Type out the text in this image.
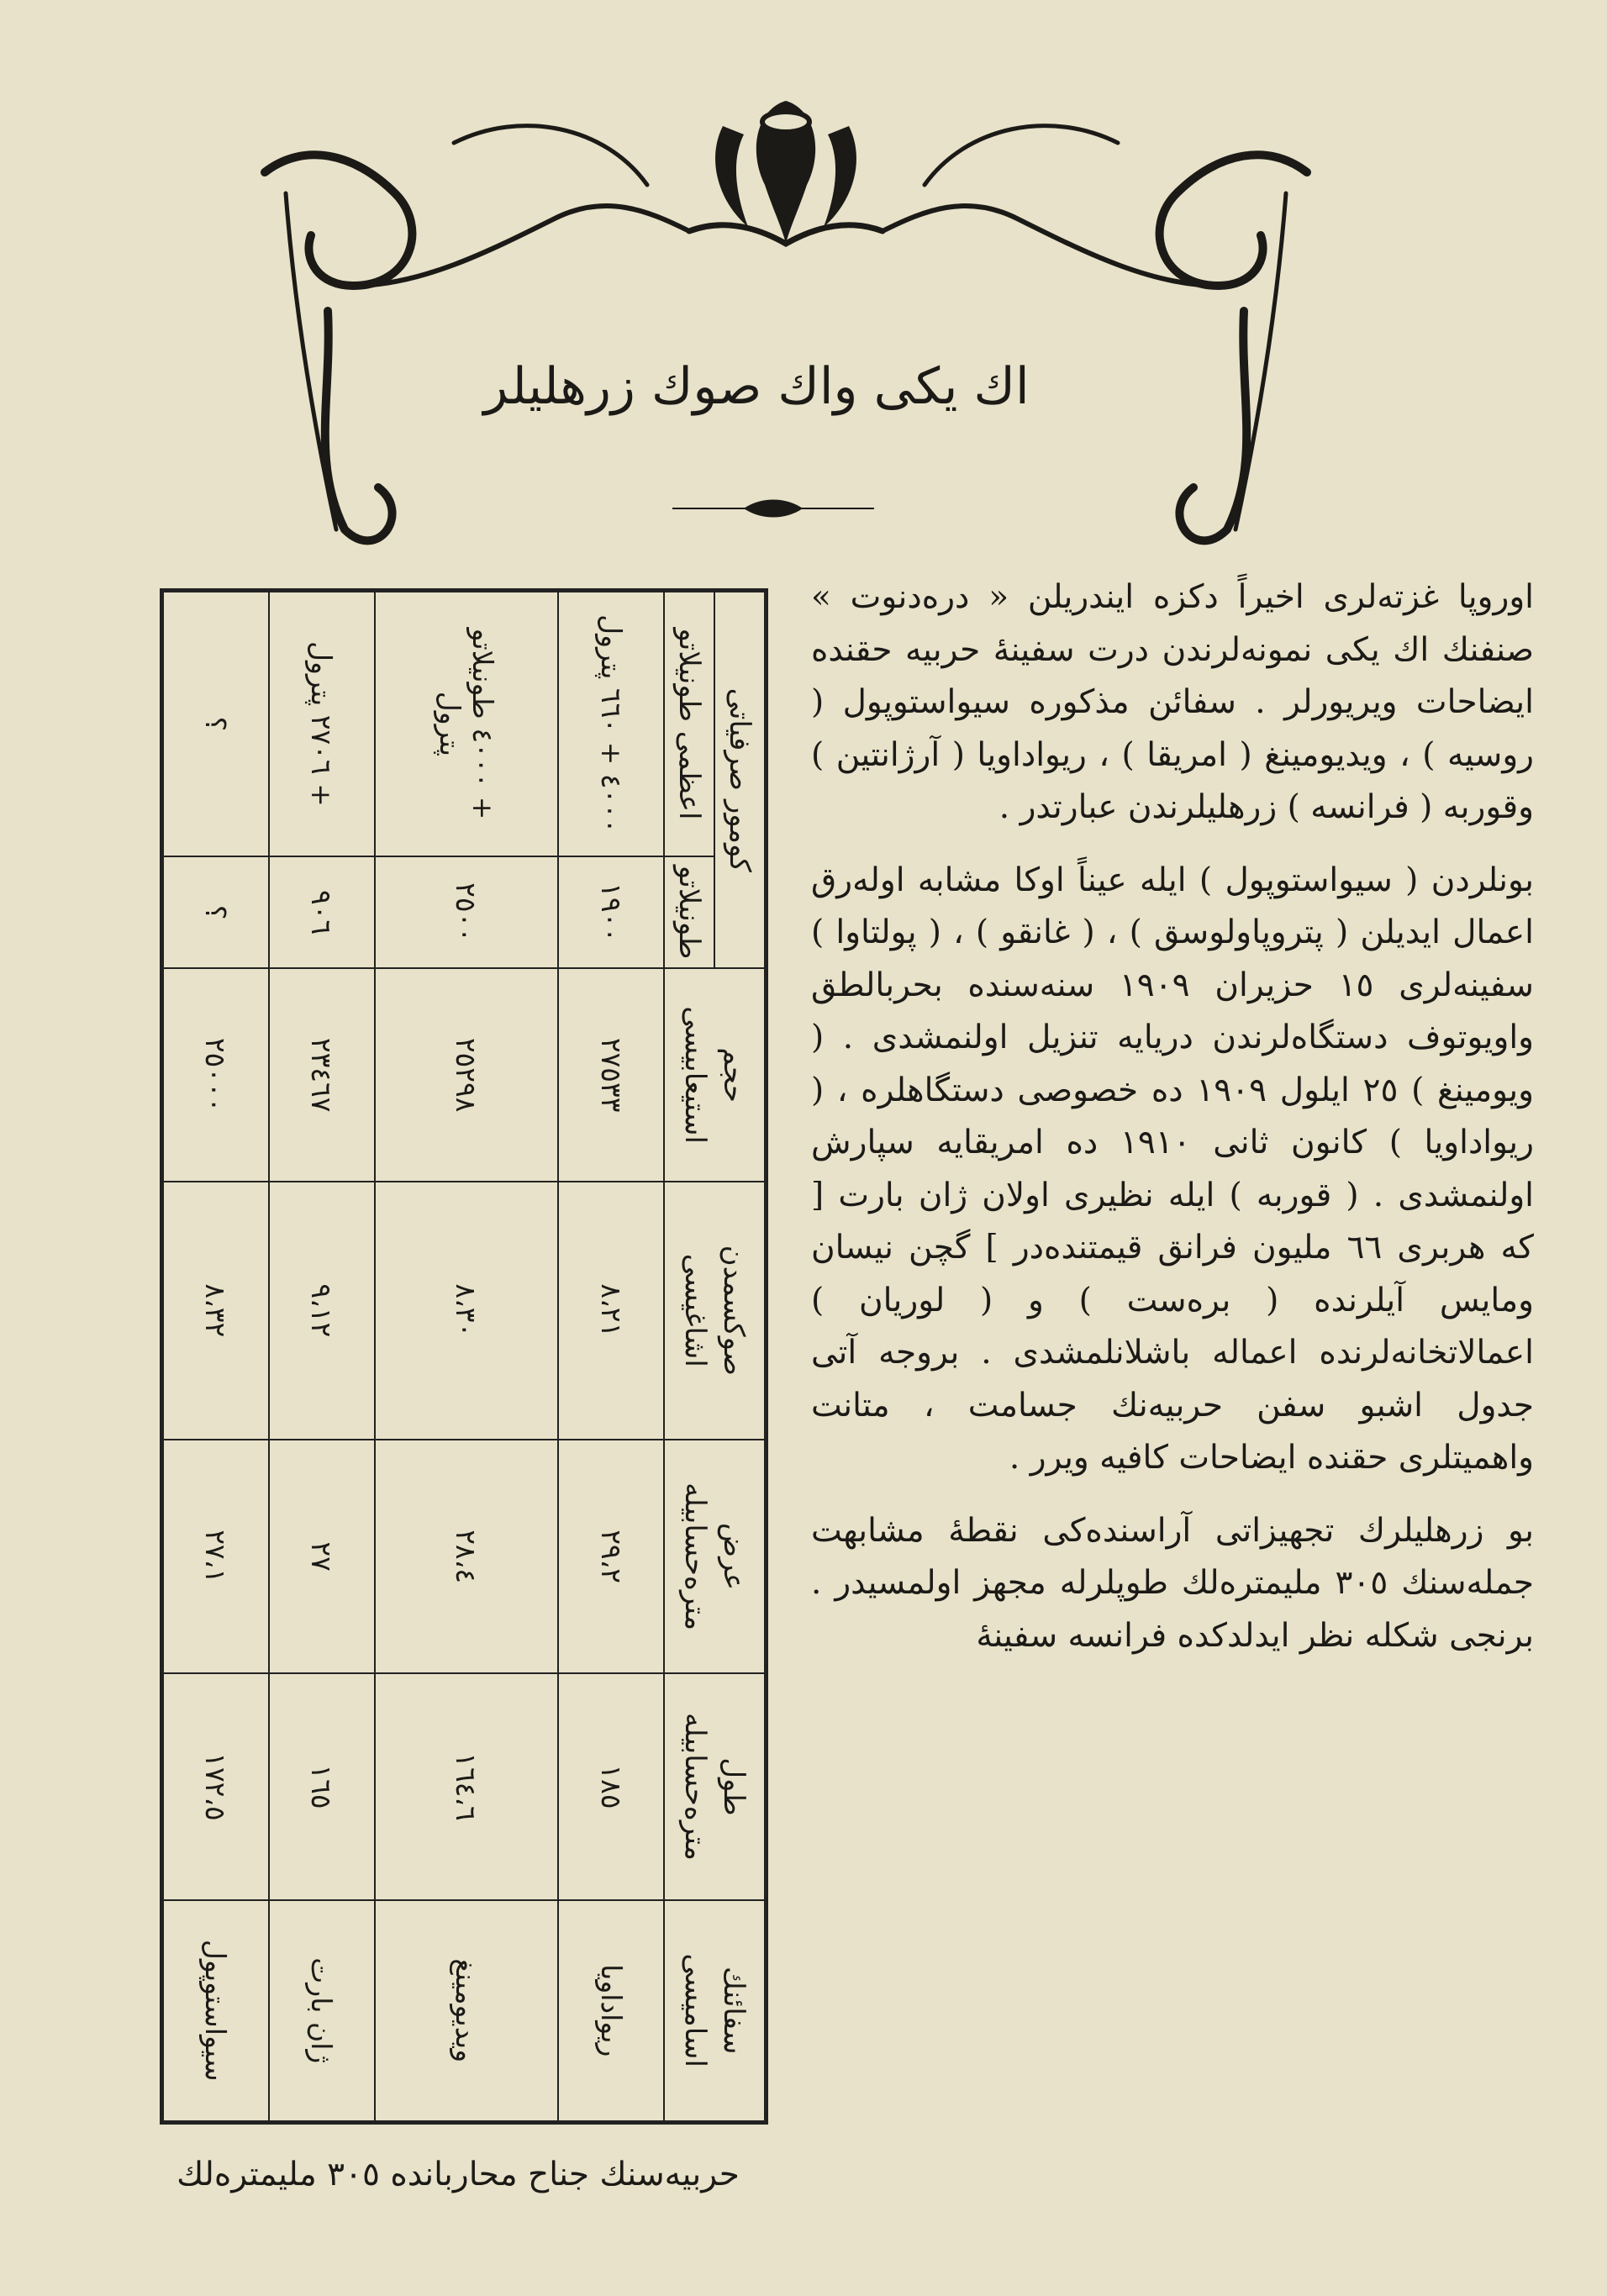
اك يكى واك صوك زرهليلر

اوروپا غزته‌لرى اخيراً دكزه ايندريلن « دره‌دنوت » صنفنك اك يكى نمونه‌لرندن درت سفينهٔ حربيه حقنده ايضاحات ويريورلر . سفائن مذكوره سيواستوپول ( روسيه ) ، ويديومينغ ( امريقا ) ، ريواداويا ( آرژانتين ) وقوربه ( فرانسه ) زرهليلرندن عبارتدر .

بونلردن ( سيواستوپول ) ايله عيناً اوكا مشابه اولەرق اعمال ايديلن ( پتروپاولوسق ) ، ( غانقو ) ، ( پولتاوا ) سفينه‌لرى ١٥ حزيران ١٩٠٩ سنه‌سنده بحربالطق واويوتوف دستگاه‌لرندن دريايه تنزيل اولنمشدى . ( ويومينغ ) ٢٥ ايلول ١٩٠٩ ده خصوصى دستگاهلره ، ( ريواداويا ) كانون ثانى ١٩١٠ ده امريقايه سپارش اولنمشدى . ( قوربه ) ايله نظيرى اولان ژان بارت [ كه هربرى ٦٦ مليون فرانق قيمتنده‌در ] گچن نيسان ومايس آيلرنده ( برەست ) و ( لوريان ) اعمالاتخانه‌لرنده اعماله باشلانلمشدى . بروجه آتى جدول اشبو سفن حربيه‌نك جسامت ، متانت واهميتلرى حقنده ايضاحات كافيه ويرر .

بو زرهليلرك تجهيزاتى آراسنده‌كى نقطهٔ مشابهت جمله‌سنك ٣٠٥ مليمتره‌لك طوپلرله مجهز اولمسيدر . برنجى شكله نظر ايدلدكده فرانسه سفينهٔ

سفائنك اساميسى	طول مترەحسابيله	عرض مترەحسابيله	صوكسمدن اشاغيسى	حجم استيعابيسى	كومور صرفياتى	
					طونيلاتو	اعظمى طونيلاتو
ريواداويا	١٨٥	٢٩،٢	٨،٢١	٢٧٥٣٣	١٩٠٠	٤٠٠٠ + ٦٦٠ پترول
ويديومينغ	١٦٤،٦	٢٨،٤	٨،٣٠	٢٥٢٩٨	٢٥٠٠	+ ٤٠٠٠ طونيلاتو پترول
ژان بارت	١٦٥	٢٧	٩،١٢	٢٣٤٦٧	٩٠٦	+ ٢٧٠٦ پترول
سيواستوپول	١٧٢،٥	٢٧،١	٨،٣٢	٢٥٠٠٠	؟	؟
حربيه‌سنك جناح محاربانده ٣٠٥ مليمتره‌لك
